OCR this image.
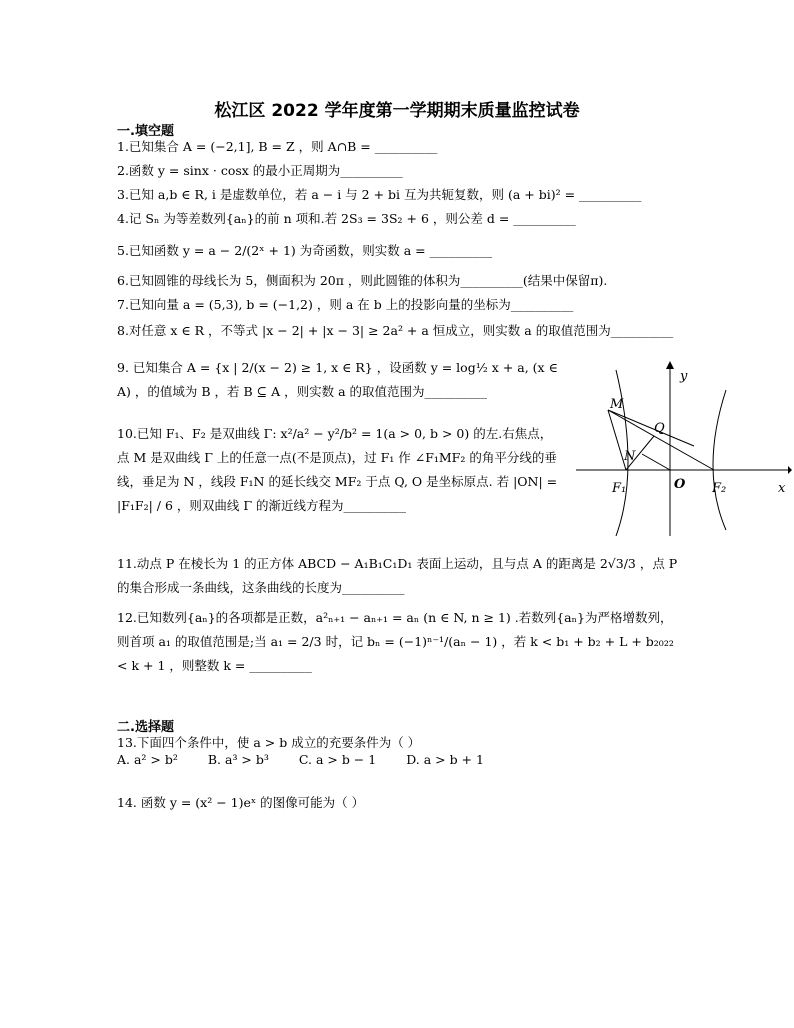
松江区 2022 学年度第一学期期末质量监控试卷
一.填空题
1.已知集合 A = (−2,1], B = Z ，则 A∩B = __________
2.函数 y = sinx · cosx 的最小正周期为__________
3.已知 a,b ∈ R, i 是虚数单位，若 a − i 与 2 + bi 互为共轭复数，则 (a + bi)² = __________
4.记 Sₙ 为等差数列{aₙ}的前 n 项和.若 2S₃ = 3S₂ + 6 ，则公差 d = __________
5.已知函数 y = a − 2/(2ˣ + 1) 为奇函数，则实数 a = __________
6.已知圆锥的母线长为 5，侧面积为 20π ，则此圆锥的体积为__________(结果中保留π).
7.已知向量 a = (5,3), b = (−1,2) ，则 a 在 b 上的投影向量的坐标为__________
8.对任意 x ∈ R ，不等式 |x − 2| + |x − 3| ≥ 2a² + a 恒成立，则实数 a 的取值范围为__________
9. 已知集合 A = {x | 2/(x − 2) ≥ 1, x ∈ R} ，设函数 y = log½ x + a, (x ∈ A) ，的值域为 B ，若 B ⊆ A ，则实数 a 的取值范围为__________
10.已知 F₁、F₂ 是双曲线 Γ: x²/a² − y²/b² = 1(a > 0, b > 0) 的左.右焦点，点 M 是双曲线 Γ 上的任意一点(不是顶点)，过 F₁ 作 ∠F₁MF₂ 的角平分线的垂线，垂足为 N ，线段 F₁N 的延长线交 MF₂ 于点 Q, O 是坐标原点. 若 |ON| = |F₁F₂| / 6 ，则双曲线 Γ 的渐近线方程为__________
y
x
M
Q
N
F₁	O F₂
11.动点 P 在棱长为 1 的正方体 ABCD − A₁B₁C₁D₁ 表面上运动，且与点 A 的距离是 2√3/3 ，点 P 的集合形成一条曲线，这条曲线的长度为__________
12.已知数列{aₙ}的各项都是正数，a²ₙ₊₁ − aₙ₊₁ = aₙ (n ∈ N, n ≥ 1) .若数列{aₙ}为严格增数列，则首项 a₁ 的取值范围是;当 a₁ = 2/3 时，记 bₙ = (−1)ⁿ⁻¹/(aₙ − 1) ，若 k < b₁ + b₂ + L + b₂₀₂₂ < k + 1 ，则整数 k = __________
二.选择题
13.下面四个条件中，使 a > b 成立的充要条件为（ ）
A. a² > b² B. a³ > b³ C. a > b − 1 D. a > b + 1
14. 函数 y = (x² − 1)eˣ 的图像可能为（ ）
